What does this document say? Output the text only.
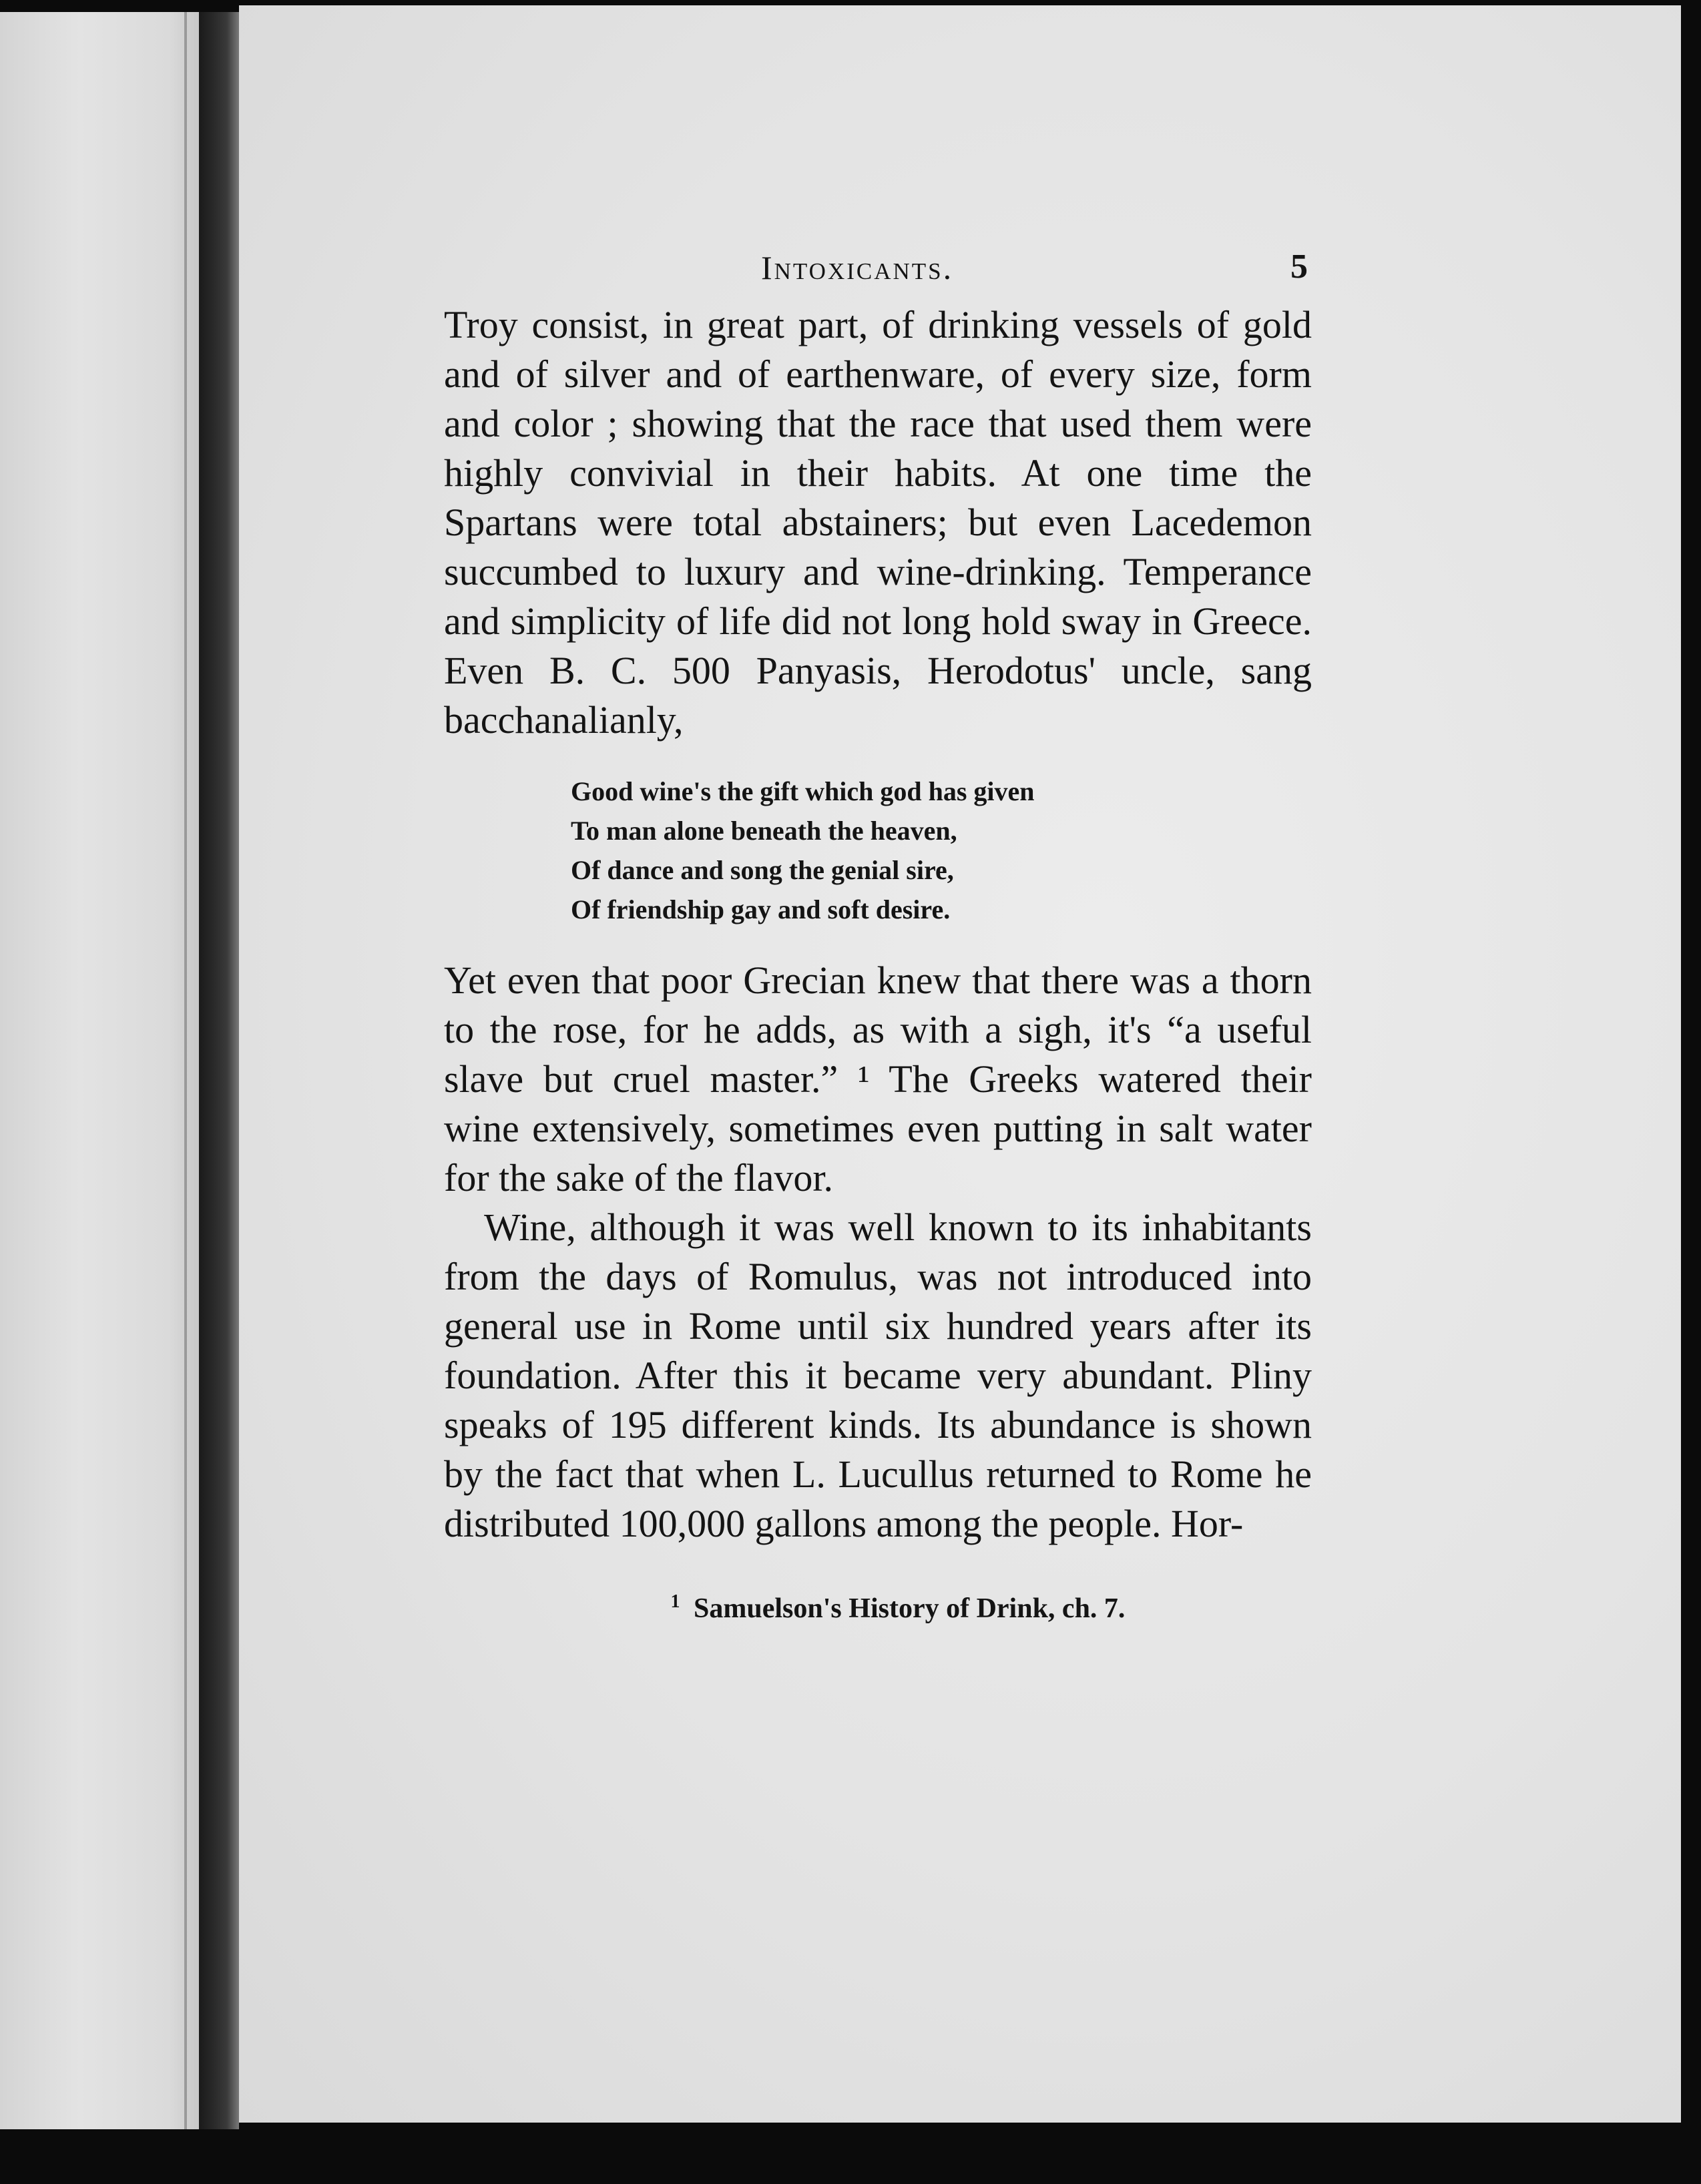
Intoxicants.	5

Troy consist, in great part, of drinking vessels of gold and of silver and of earthenware, of every size, form and color ; showing that the race that used them were highly convivial in their habits. At one time the Spartans were total abstainers; but even Lacedemon succumbed to luxury and wine-drinking. Temperance and simplicity of life did not long hold sway in Greece. Even B. C. 500 Panyasis, Herodotus' uncle, sang bacchanalianly,

Good wine's the gift which god has given
To man alone beneath the heaven,
Of dance and song the genial sire,
Of friendship gay and soft desire.

Yet even that poor Grecian knew that there was a thorn to the rose, for he adds, as with a sigh, it's “a useful slave but cruel master.” ¹ The Greeks watered their wine extensively, sometimes even putting in salt water for the sake of the flavor.

Wine, although it was well known to its inhabitants from the days of Romulus, was not introduced into general use in Rome until six hundred years after its foundation. After this it became very abundant. Pliny speaks of 195 different kinds. Its abundance is shown by the fact that when L. Lucullus returned to Rome he distributed 100,000 gallons among the people. Hor-

$^1$ Samuelson's History of Drink, ch. 7.
